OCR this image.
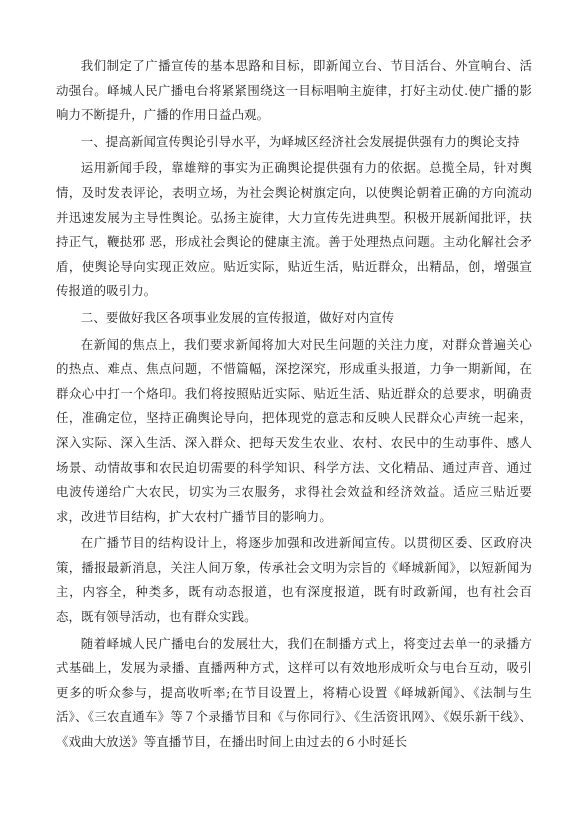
我们制定了广播宣传的基本思路和目标，即新闻立台、节目活台、外宣响台、活动强台。峄城人民广播电台将紧紧围绕这一目标唱响主旋律，打好主动仗.使广播的影响力不断提升，广播的作用日益凸观。

一、提高新闻宣传舆论引导水平，为峄城区经济社会发展提供强有力的舆论支持

运用新闻手段，靠雄辩的事实为正确舆论提供强有力的依据。总揽全局，针对舆情，及时发表评论，表明立场，为社会舆论树旗定向，以使舆论朝着正确的方向流动并迅速发展为主导性舆论。弘扬主旋律，大力宣传先进典型。积极开展新闻批评，扶持正气，鞭挞邪 恶，形成社会舆论的健康主流。善于处理热点问题。主动化解社会矛盾，使舆论导向实现正效应。贴近实际，贴近生活，贴近群众，出精品，创，增强宣传报道的吸引力。

二、要做好我区各项事业发展的宣传报道，做好对内宣传

在新闻的焦点上，我们要求新闻将加大对民生问题的关注力度，对群众普遍关心的热点、难点、焦点问题，不惜篇幅，深挖深究，形成重头报道，力争一期新闻，在群众心中打一个烙印。我们将按照贴近实际、贴近生活、贴近群众的总要求，明确责任，准确定位，坚持正确舆论导向，把体现党的意志和反映人民群众心声统一起来，深入实际、深入生活、深入群众、把每天发生农业、农村、农民中的生动事件、感人场景、动情故事和农民迫切需要的科学知识、科学方法、文化精品、通过声音、通过电波传递给广大农民，切实为三农服务，求得社会效益和经济效益。适应三贴近要求，改进节目结构，扩大农村广播节目的影响力。

在广播节目的结构设计上，将逐步加强和改进新闻宣传。以贯彻区委、区政府决策，播报最新消息，关注人间万象，传承社会文明为宗旨的《峄城新闻》，以短新闻为主，内容全，种类多，既有动态报道，也有深度报道，既有时政新闻，也有社会百态，既有领导活动，也有群众实践。

随着峄城人民广播电台的发展壮大，我们在制播方式上，将变过去单一的录播方式基础上，发展为录播、直播两种方式，这样可以有效地形成听众与电台互动，吸引更多的听众参与，提高收听率;在节目设置上，将精心设置《峄城新闻》、《法制与生活》、《三农直通车》等７个录播节目和《与你同行》、《生活资讯网》、《娱乐新干线》、《戏曲大放送》等直播节目，在播出时间上由过去的６小时延长
